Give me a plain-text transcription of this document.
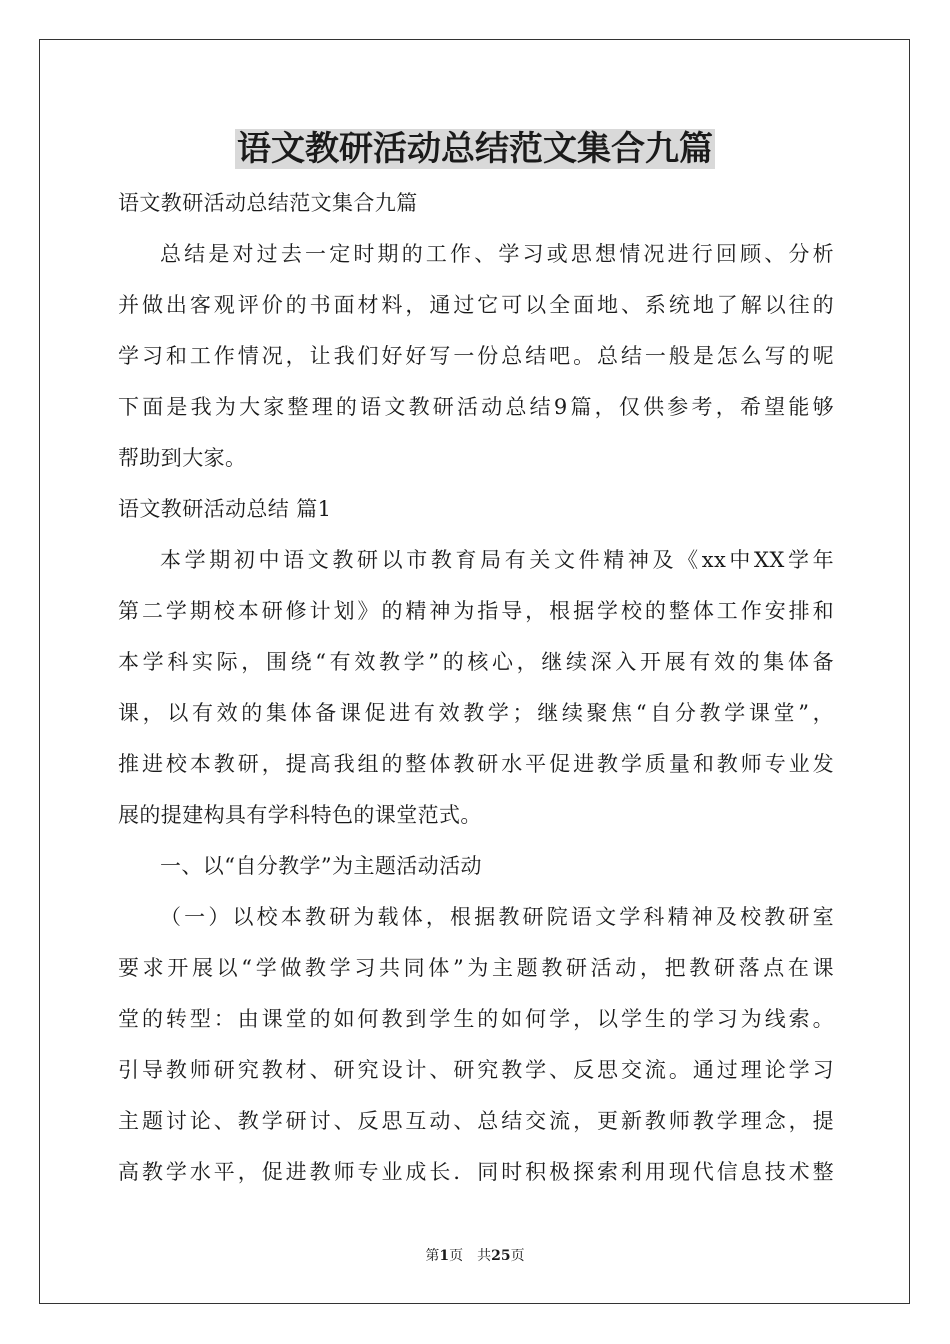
语文教研活动总结范文集合九篇
语文教研活动总结范文集合九篇
总结是对过去一定时期的工作、学习或思想情况进行回顾、分析
并做出客观评价的书面材料，通过它可以全面地、系统地了解以往的
学习和工作情况，让我们好好写一份总结吧。总结一般是怎么写的呢
下面是我为大家整理的语文教研活动总结9篇，仅供参考，希望能够
帮助到大家。
语文教研活动总结 篇1
本学期初中语文教研以市教育局有关文件精神及《xx中XX学年
第二学期校本研修计划》的精神为指导，根据学校的整体工作安排和
本学科实际，围绕“有效教学”的核心，继续深入开展有效的集体备
课，以有效的集体备课促进有效教学；继续聚焦“自分教学课堂”，
推进校本教研，提高我组的整体教研水平促进教学质量和教师专业发
展的提建构具有学科特色的课堂范式。
一、以“自分教学”为主题活动活动
（一）以校本教研为载体，根据教研院语文学科精神及校教研室
要求开展以“学做教学习共同体”为主题教研活动，把教研落点在课
堂的转型：由课堂的如何教到学生的如何学，以学生的学习为线索。
引导教师研究教材、研究设计、研究教学、反思交流。通过理论学习
主题讨论、教学研讨、反思互动、总结交流，更新教师教学理念，提
高教学水平，促进教师专业成长．同时积极探索利用现代信息技术整
第1页　共25页
